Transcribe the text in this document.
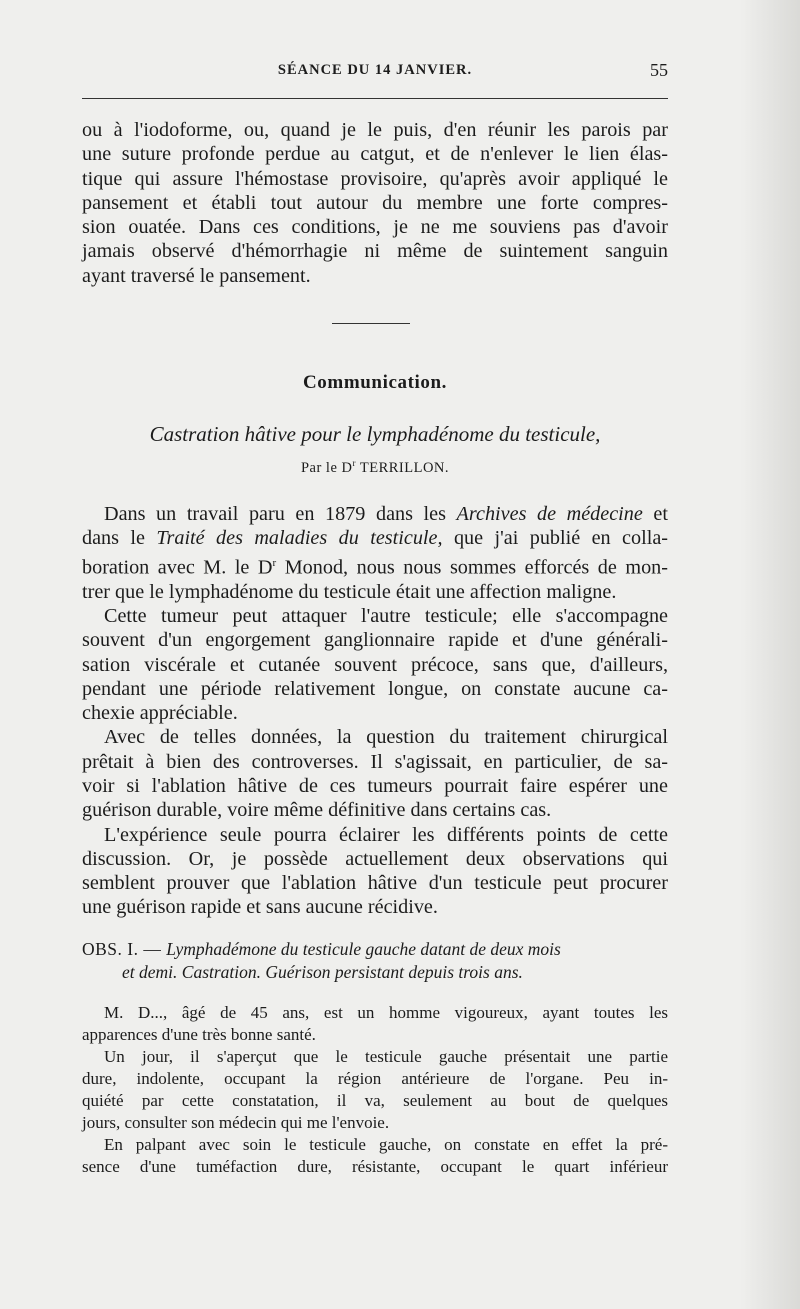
SÉANCE DU 14 JANVIER.	55

ou à l'iodoforme, ou, quand je le puis, d'en réunir les parois par
une suture profonde perdue au catgut, et de n'enlever le lien élas-
tique qui assure l'hémostase provisoire, qu'après avoir appliqué le
pansement et établi tout autour du membre une forte compres-
sion ouatée. Dans ces conditions, je ne me souviens pas d'avoir
jamais observé d'hémorrhagie ni même de suintement sanguin
ayant traversé le pansement.

Communication.
Castration hâtive pour le lymphadénome du testicule,
Par le $D^r$ TERRILLON.

Dans un travail paru en 1879 dans les Archives de médecine et
dans le Traité des maladies du testicule, que j'ai publié en colla-
boration avec M. le $D^r$ Monod, nous nous sommes efforcés de mon-
trer que le lymphadénome du testicule était une affection maligne.
Cette tumeur peut attaquer l'autre testicule; elle s'accompagne
souvent d'un engorgement ganglionnaire rapide et d'une générali-
sation viscérale et cutanée souvent précoce, sans que, d'ailleurs,
pendant une période relativement longue, on constate aucune ca-
chexie appréciable.
Avec de telles données, la question du traitement chirurgical
prêtait à bien des controverses. Il s'agissait, en particulier, de sa-
voir si l'ablation hâtive de ces tumeurs pourrait faire espérer une
guérison durable, voire même définitive dans certains cas.
L'expérience seule pourra éclairer les différents points de cette
discussion. Or, je possède actuellement deux observations qui
semblent prouver que l'ablation hâtive d'un testicule peut procurer
une guérison rapide et sans aucune récidive.

OBS. I. — Lymphadémone du testicule gauche datant de deux mois
et demi. Castration. Guérison persistant depuis trois ans.

M. D..., âgé de 45 ans, est un homme vigoureux, ayant toutes les
apparences d'une très bonne santé.
Un jour, il s'aperçut que le testicule gauche présentait une partie
dure, indolente, occupant la région antérieure de l'organe. Peu in-
quiété par cette constatation, il va, seulement au bout de quelques
jours, consulter son médecin qui me l'envoie.
En palpant avec soin le testicule gauche, on constate en effet la pré-
sence d'une tuméfaction dure, résistante, occupant le quart inférieur
